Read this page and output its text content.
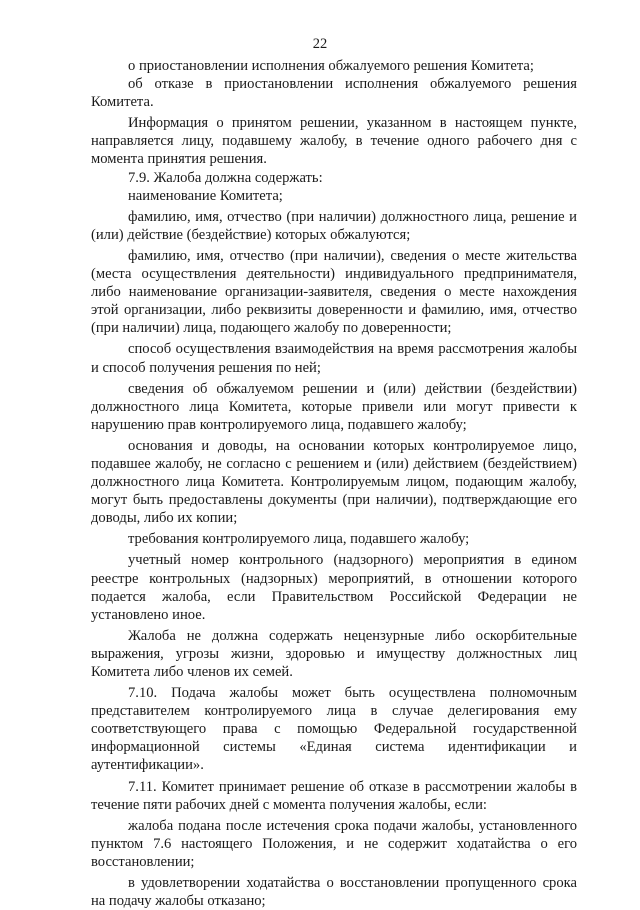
22

о приостановлении исполнения обжалуемого решения Комитета;

об отказе в приостановлении исполнения обжалуемого решения Комитета.

Информация о принятом решении, указанном в настоящем пункте, направляется лицу, подавшему жалобу, в течение одного рабочего дня с момента принятия решения.

7.9. Жалоба должна содержать:

наименование Комитета;

фамилию, имя, отчество (при наличии) должностного лица, решение и (или) действие (бездействие) которых обжалуются;

фамилию, имя, отчество (при наличии), сведения о месте жительства (места осуществления деятельности) индивидуального предпринимателя, либо наименование организации-заявителя, сведения о месте нахождения этой организации, либо реквизиты доверенности и фамилию, имя, отчество (при наличии) лица, подающего жалобу по доверенности;

способ осуществления взаимодействия на время рассмотрения жалобы и способ получения решения по ней;

сведения об обжалуемом решении и (или) действии (бездействии) должностного лица Комитета, которые привели или могут привести к нарушению прав контролируемого лица, подавшего жалобу;

основания и доводы, на основании которых контролируемое лицо, подавшее жалобу, не согласно с решением и (или) действием (бездействием) должностного лица Комитета. Контролируемым лицом, подающим жалобу, могут быть предоставлены документы (при наличии), подтверждающие его доводы, либо их копии;

требования контролируемого лица, подавшего жалобу;

учетный номер контрольного (надзорного) мероприятия в едином реестре контрольных (надзорных) мероприятий, в отношении которого подается жалоба, если Правительством Российской Федерации не установлено иное.

Жалоба не должна содержать нецензурные либо оскорбительные выражения, угрозы жизни, здоровью и имуществу должностных лиц Комитета либо членов их семей.

7.10. Подача жалобы может быть осуществлена полномочным представителем контролируемого лица в случае делегирования ему соответствующего права с помощью Федеральной государственной информационной системы «Единая система идентификации и аутентификации».

7.11. Комитет принимает решение об отказе в рассмотрении жалобы в течение пяти рабочих дней с момента получения жалобы, если:

жалоба подана после истечения срока подачи жалобы, установленного пунктом 7.6 настоящего Положения, и не содержит ходатайства о его восстановлении;

в удовлетворении ходатайства о восстановлении пропущенного срока на подачу жалобы отказано;
